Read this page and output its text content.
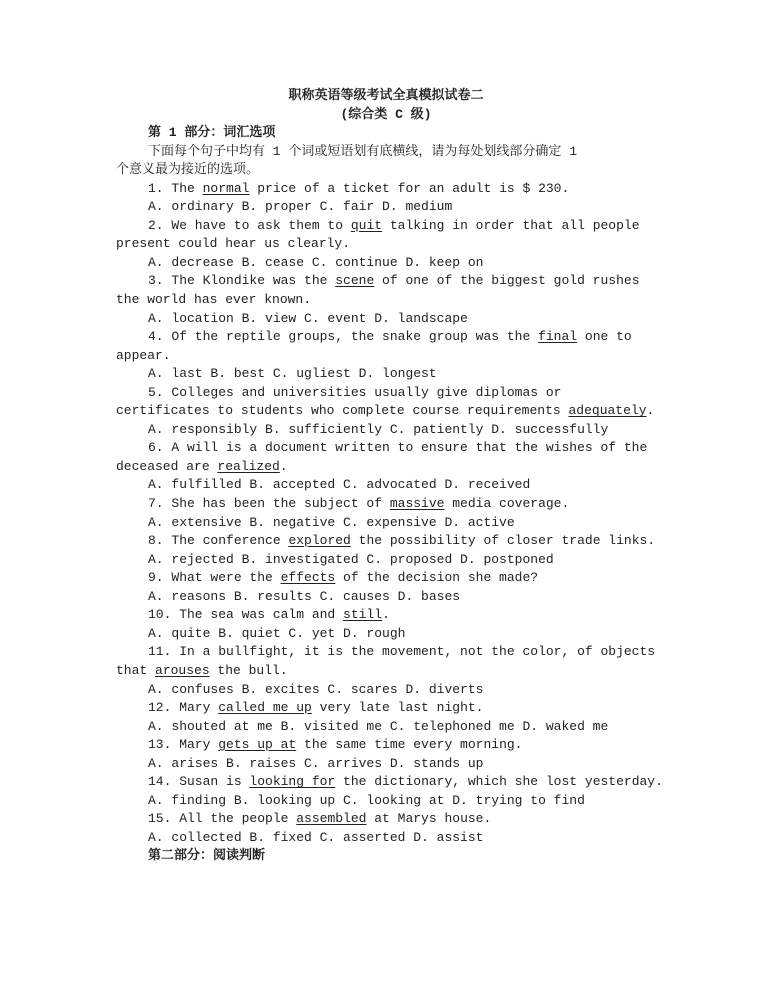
职称英语等级考试全真模拟试卷二
(综合类 C 级)
第 1 部分：词汇选项
下面每个句子中均有 1 个词或短语划有底横线，请为每处划线部分确定 1
个意义最为接近的选项。
1. The normal price of a ticket for an adult is $ 230.
A. ordinary B. proper C. fair D. medium
2. We have to ask them to quit talking in order that all people
present could hear us clearly.
A. decrease B. cease C. continue D. keep on
3. The Klondike was the scene of one of the biggest gold rushes
the world has ever known.
A. location B. view C. event D. landscape
4. Of the reptile groups, the snake group was the final one to
appear.
A. last B. best C. ugliest D. longest
5. Colleges and universities usually give diplomas or
certificates to students who complete course requirements adequately.
A. responsibly B. sufficiently C. patiently D. successfully
6. A will is a document written to ensure that the wishes of the
deceased are realized.
A. fulfilled B. accepted C. advocated D. received
7. She has been the subject of massive media coverage.
A. extensive B. negative C. expensive D. active
8. The conference explored the possibility of closer trade links.
A. rejected B. investigated C. proposed D. postponed
9. What were the effects of the decision she made?
A. reasons B. results C. causes D. bases
10. The sea was calm and still.
A. quite B. quiet C. yet D. rough
11. In a bullfight, it is the movement, not the color, of objects
that arouses the bull.
A. confuses B. excites C. scares D. diverts
12. Mary called me up very late last night.
A. shouted at me B. visited me C. telephoned me D. waked me
13. Mary gets up at the same time every morning.
A. arises B. raises C. arrives D. stands up
14. Susan is looking for the dictionary, which she lost yesterday.
A. finding B. looking up C. looking at D. trying to find
15. All the people assembled at Marys house.
A. collected B. fixed C. asserted D. assist
第二部分：阅读判断
